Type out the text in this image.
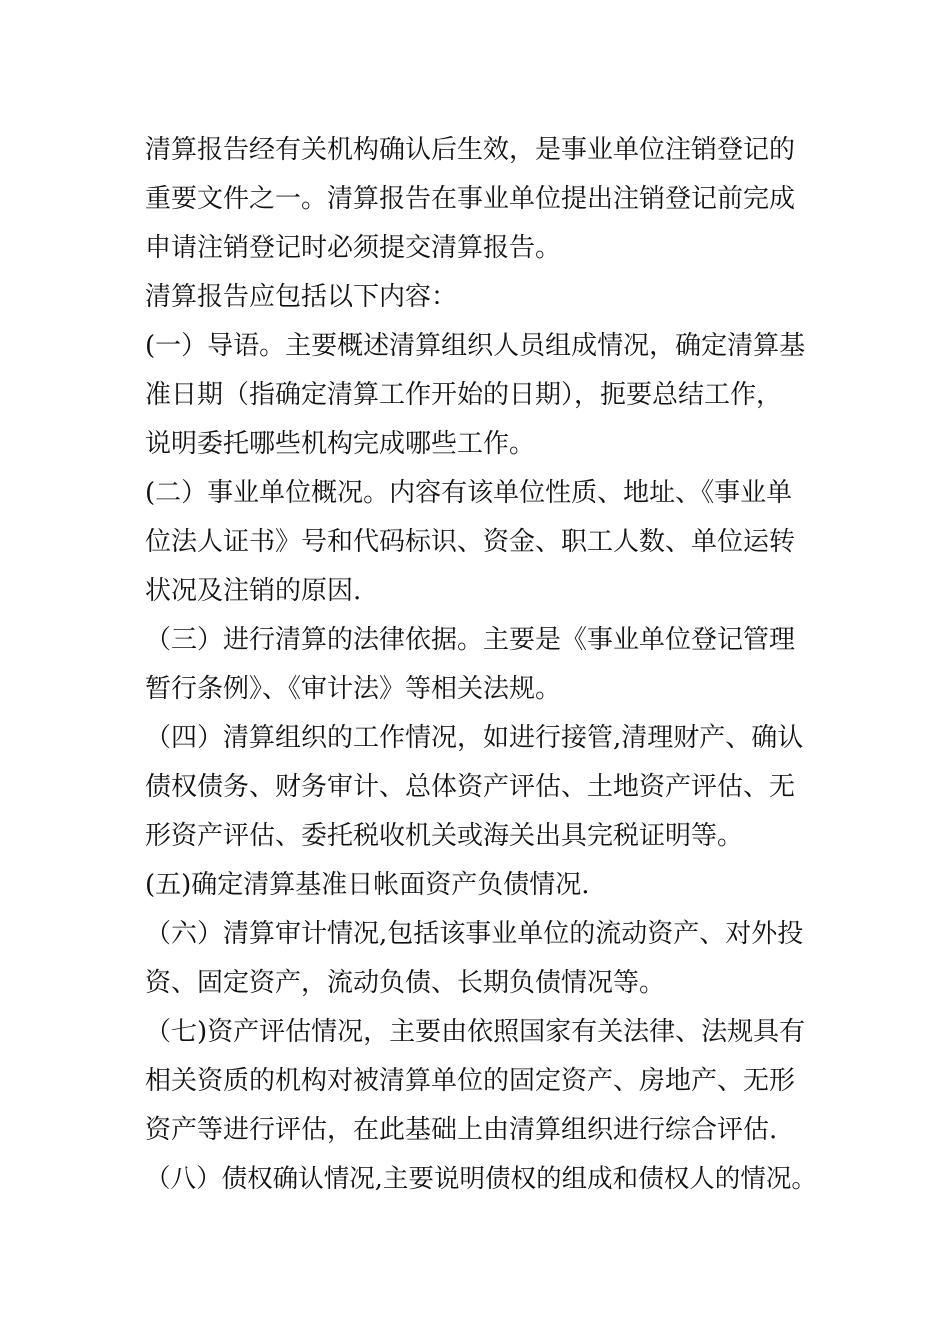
清算报告经有关机构确认后生效，是事业单位注销登记的
重要文件之一。清算报告在事业单位提出注销登记前完成
申请注销登记时必须提交清算报告。

清算报告应包括以下内容：

(一）导语。主要概述清算组织人员组成情况，确定清算基
准日期（指确定清算工作开始的日期），扼要总结工作，
说明委托哪些机构完成哪些工作。

(二）事业单位概况。内容有该单位性质、地址、《事业单
位法人证书》号和代码标识、资金、职工人数、单位运转
状况及注销的原因.

（三）进行清算的法律依据。主要是《事业单位登记管理
暂行条例》、《审计法》等相关法规。

（四）清算组织的工作情况，如进行接管,清理财产、确认
债权债务、财务审计、总体资产评估、土地资产评估、无
形资产评估、委托税收机关或海关出具完税证明等。

(五)确定清算基准日帐面资产负债情况.

（六）清算审计情况,包括该事业单位的流动资产、对外投
资、固定资产，流动负债、长期负债情况等。

（七)资产评估情况，主要由依照国家有关法律、法规具有
相关资质的机构对被清算单位的固定资产、房地产、无形
资产等进行评估，在此基础上由清算组织进行综合评估.

（八）债权确认情况,主要说明债权的组成和债权人的情况。
